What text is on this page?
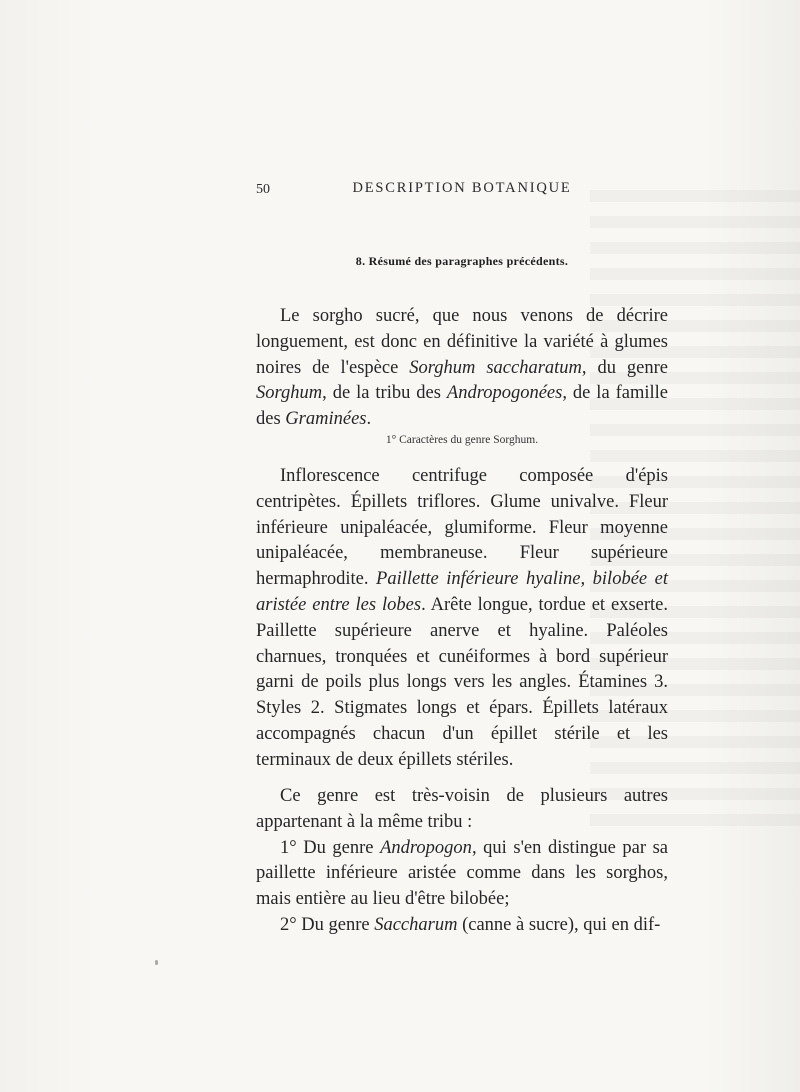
50	DESCRIPTION BOTANIQUE
8. Résumé des paragraphes précédents.

Le sorgho sucré, que nous venons de décrire longuement, est donc en définitive la variété à glumes noires de l'espèce Sorghum saccharatum, du genre Sorghum, de la tribu des Andropogonées, de la famille des Graminées.

1° Caractères du genre Sorghum.

Inflorescence centrifuge composée d'épis centripètes. Épillets triflores. Glume univalve. Fleur inférieure unipaléacée, glumiforme. Fleur moyenne unipaléacée, membraneuse. Fleur supérieure hermaphrodite. Paillette inférieure hyaline, bilobée et aristée entre les lobes. Arête longue, tordue et exserte. Paillette supérieure anerve et hyaline. Paléoles charnues, tronquées et cunéiformes à bord supérieur garni de poils plus longs vers les angles. Étamines 3. Styles 2. Stigmates longs et épars. Épillets latéraux accompagnés chacun d'un épillet stérile et les terminaux de deux épillets stériles.

Ce genre est très-voisin de plusieurs autres appartenant à la même tribu :

1° Du genre Andropogon, qui s'en distingue par sa paillette inférieure aristée comme dans les sorghos, mais entière au lieu d'être bilobée;

2° Du genre Saccharum (canne à sucre), qui en dif-
